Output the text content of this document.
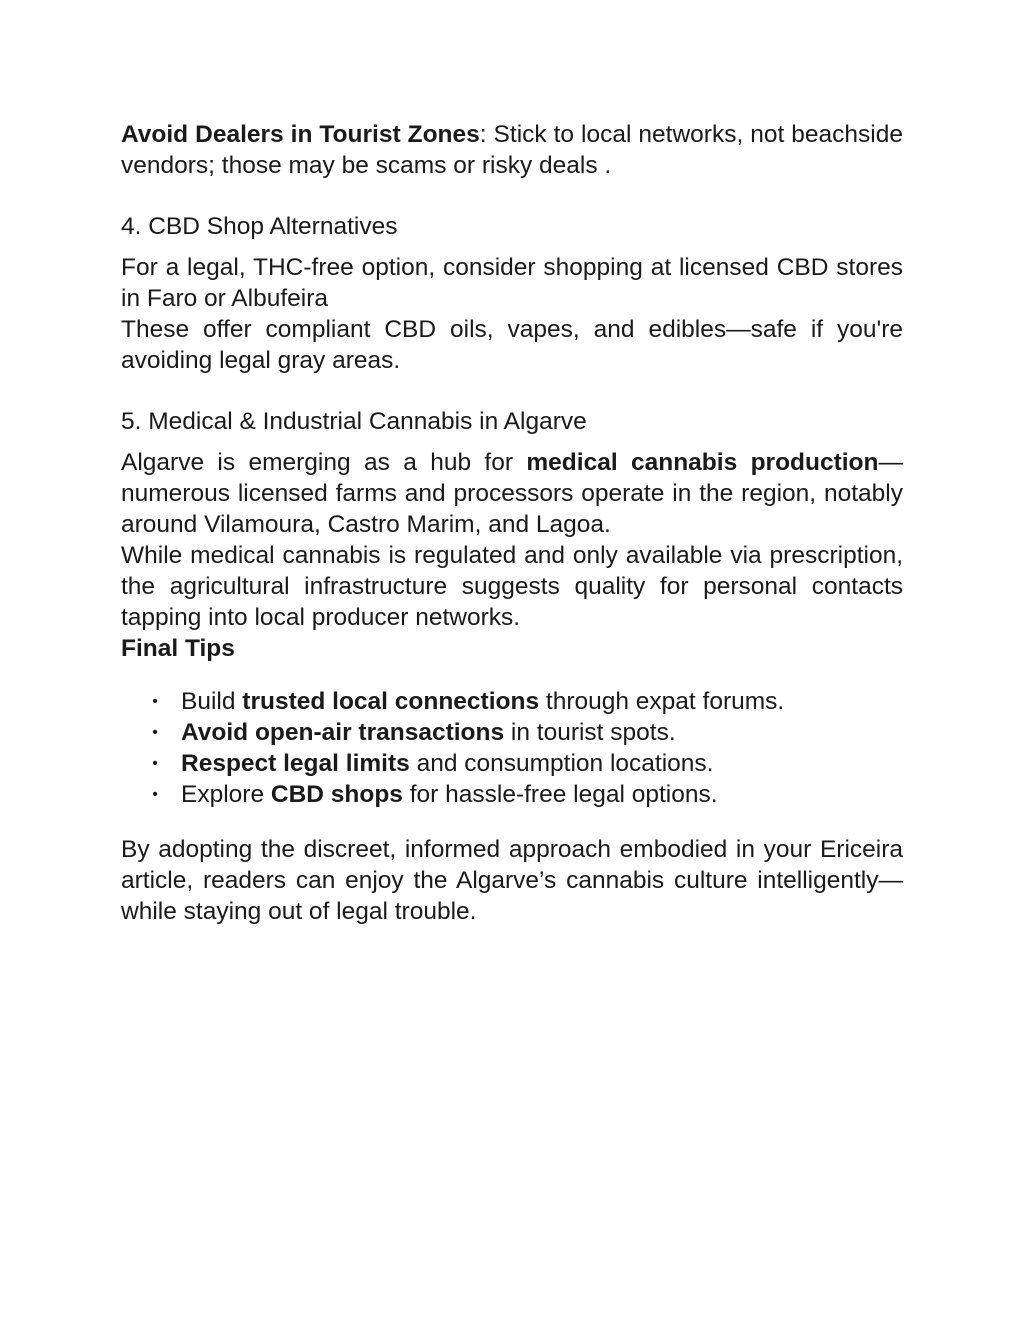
Avoid Dealers in Tourist Zones: Stick to local networks, not beachside vendors; those may be scams or risky deals .

4. CBD Shop Alternatives

For a legal, THC-free option, consider shopping at licensed CBD stores in Faro or Albufeira

These offer compliant CBD oils, vapes, and edibles—safe if you're avoiding legal gray areas.

5. Medical & Industrial Cannabis in Algarve

Algarve is emerging as a hub for medical cannabis production—numerous licensed farms and processors operate in the region, notably around Vilamoura, Castro Marim, and Lagoa.

While medical cannabis is regulated and only available via prescription, the agricultural infrastructure suggests quality for personal contacts tapping into local producer networks.

Final Tips

• Build trusted local connections through expat forums.
• Avoid open-air transactions in tourist spots.
• Respect legal limits and consumption locations.
• Explore CBD shops for hassle-free legal options.

By adopting the discreet, informed approach embodied in your Ericeira article, readers can enjoy the Algarve’s cannabis culture intelligently—while staying out of legal trouble.
